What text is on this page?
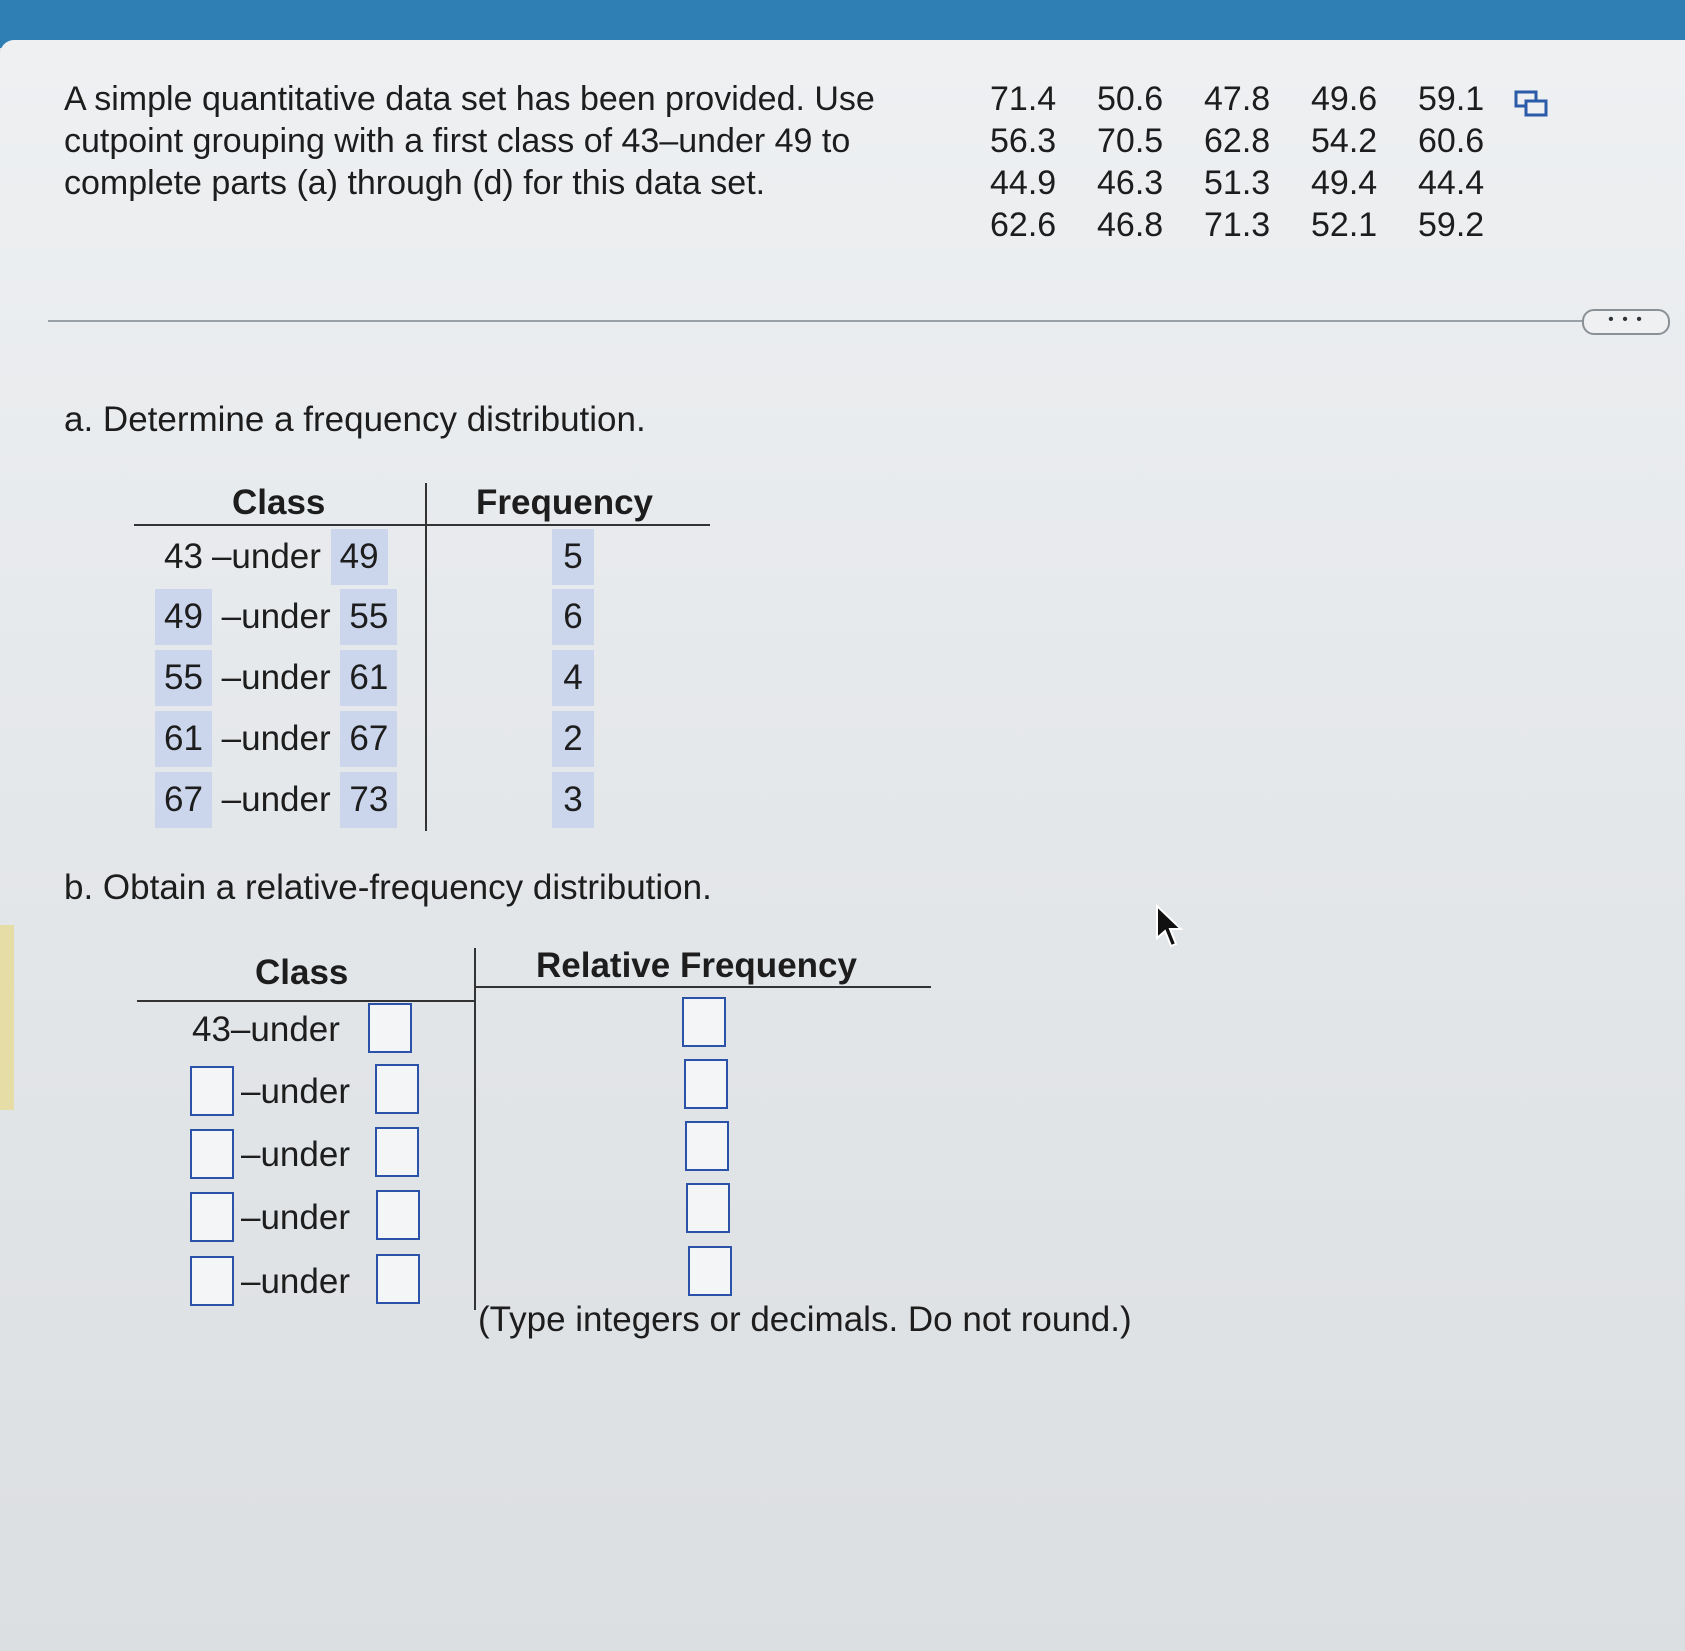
A simple quantitative data set has been provided. Use cutpoint grouping with a first class of 43–under 49 to complete parts (a) through (d) for this data set.
71.4	50.6	47.8	49.6	59.1
56.3	70.5	62.8	54.2	60.6
44.9	46.3	51.3	49.4	44.4
62.6	46.8	71.3	52.1	59.2
• • •
a. Determine a frequency distribution.
Class	Frequency
43 –under 49	5
49 –under 55	6
55 –under 61	4
61 –under 67	2
67 –under 73	3
b. Obtain a relative-frequency distribution.
Class	Relative Frequency
43–under
–under
–under
–under
–under
(Type integers or decimals. Do not round.)
